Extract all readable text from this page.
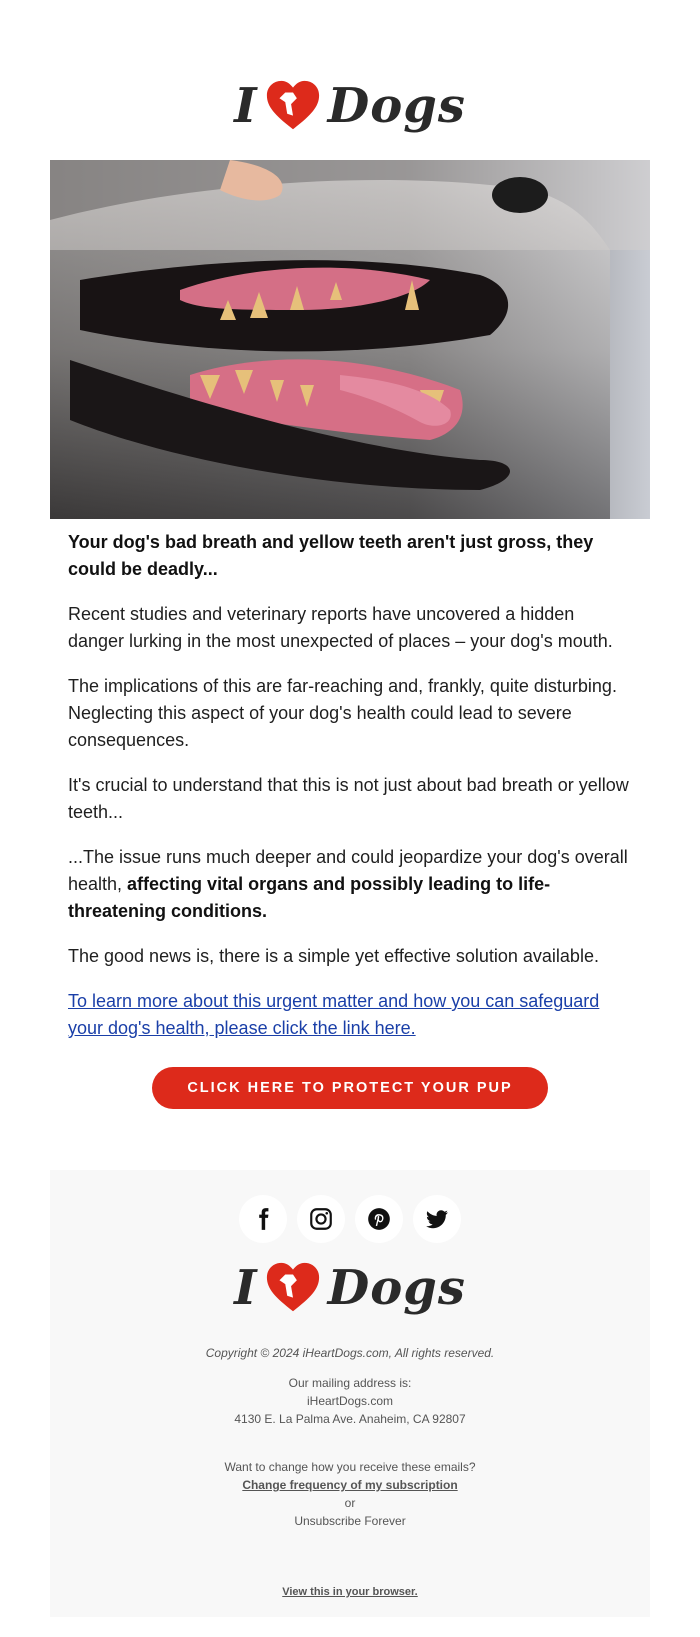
I Dogs

Your dog's bad breath and yellow teeth aren't just gross, they could be deadly...

Recent studies and veterinary reports have uncovered a hidden danger lurking in the most unexpected of places – your dog's mouth.

The implications of this are far-reaching and, frankly, quite disturbing. Neglecting this aspect of your dog's health could lead to severe consequences.

It's crucial to understand that this is not just about bad breath or yellow teeth...

...The issue runs much deeper and could jeopardize your dog's overall health, affecting vital organs and possibly leading to life-threatening conditions.

The good news is, there is a simple yet effective solution available.

To learn more about this urgent matter and how you can safeguard your dog's health, please click the link here.

CLICK HERE TO PROTECT YOUR PUP
Copyright © 2024 iHeartDogs.com, All rights reserved.
Our mailing address is:
iHeartDogs.com
4130 E. La Palma Ave. Anaheim, CA 92807
Want to change how you receive these emails?
Change frequency of my subscription
or
Unsubscribe Forever
View this in your browser.
I Dogs
